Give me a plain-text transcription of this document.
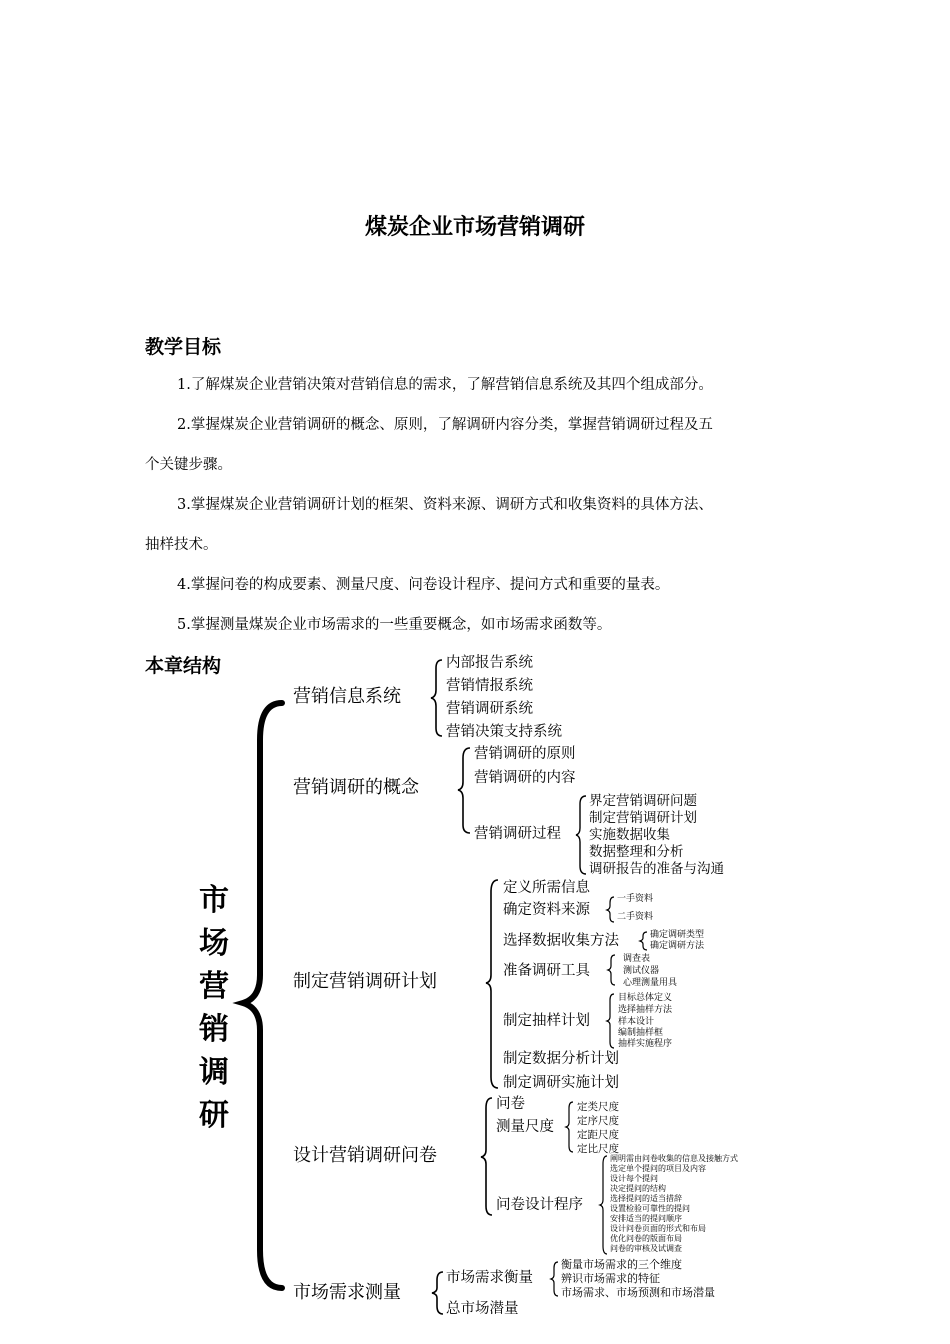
煤炭企业市场营销调研
教学目标

1.了解煤炭企业营销决策对营销信息的需求，了解营销信息系统及其四个组成部分。

2.掌握煤炭企业营销调研的概念、原则，了解调研内容分类，掌握营销调研过程及五

个关键步骤。

3.掌握煤炭企业营销调研计划的框架、资料来源、调研方式和收集资料的具体方法、

抽样技术。

4.掌握问卷的构成要素、测量尺度、问卷设计程序、提问方式和重要的量表。

5.掌握测量煤炭企业市场需求的一些重要概念，如市场需求函数等。

本章结构
市
场
营
销
调
研
营销信息系统
内部报告系统
营销情报系统
营销调研系统
营销决策支持系统
营销调研的概念
营销调研的原则
营销调研的内容
营销调研过程
界定营销调研问题
制定营销调研计划
实施数据收集
数据整理和分析
调研报告的准备与沟通
制定营销调研计划
定义所需信息
确定资料来源
一手资料
二手资料
选择数据收集方法	确定调研类型
确定调研方法
准备调研工具
调查表
测试仪器
心理测量用具
制定抽样计划
目标总体定义
选择抽样方法
样本设计
编制抽样框
抽样实施程序
制定数据分析计划
制定调研实施计划
设计营销调研问卷
问卷
测量尺度
定类尺度
定序尺度
定距尺度
定比尺度
问卷设计程序
阐明需由问卷收集的信息及接触方式
选定单个提问的项目及内容
设计每个提问
决定提问的结构
选择提问的适当措辞
设置检验可靠性的提问
安排适当的提问顺序
设计问卷页面的形式和布局
优化问卷的版面布局
问卷的审核及试调查
市场需求测量
市场需求衡量
衡量市场需求的三个维度
辨识市场需求的特征
市场需求、市场预测和市场潜量
总市场潜量
